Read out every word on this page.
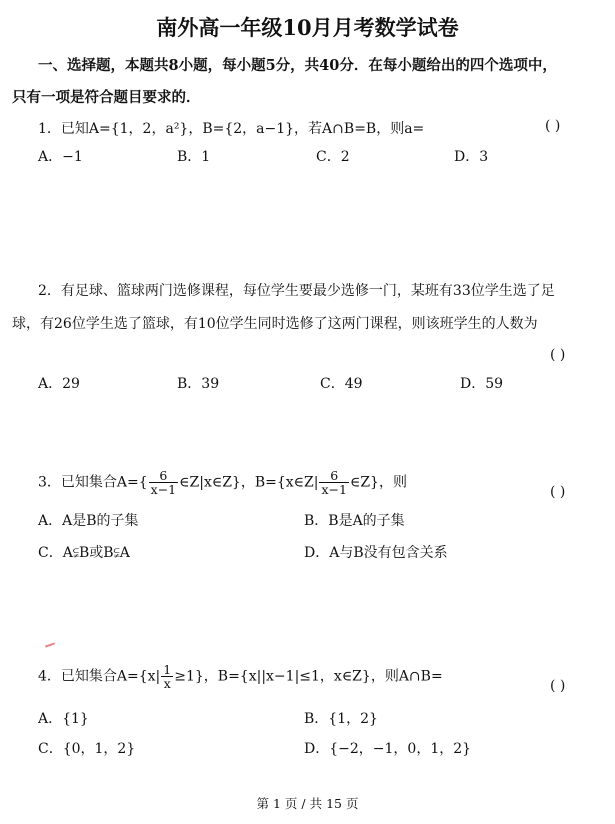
南外高一年级10月月考数学试卷
一、选择题，本题共8小题，每小题5分，共40分．在每小题给出的四个选项中，
只有一项是符合题目要求的．
1．已知A={1，2，a²}，B={2，a−1}，若A∩B=B，则a=	( )
A．−1	B．1	C．2	D．3
2．有足球、篮球两门选修课程，每位学生要最少选修一门，某班有33位学生选了足
球，有26位学生选了篮球，有10位学生同时选修了这两门课程，则该班学生的人数为
( )
A．29	B．39	C．49	D．59
3．已知集合$A=\{ \frac{6}{x-1}$ ∈Z|x∈Z}，B={x∈Z| $\frac{6}{x-1}$ ∈Z}，则
( )
A．A是B的子集	B．B是A的子集
C．A⫋B或B⫋A	D．A与B没有包含关系
4．已知集合$A=\{x| \frac{1}{x} \ge 1\}$，B={x||x−1|≤1，x∈Z}，则A∩B=
( )
A．{1}	B．{1，2}
C．{0，1，2}	D．{−2，−1，0，1，2}
第 1 页 / 共 15 页
